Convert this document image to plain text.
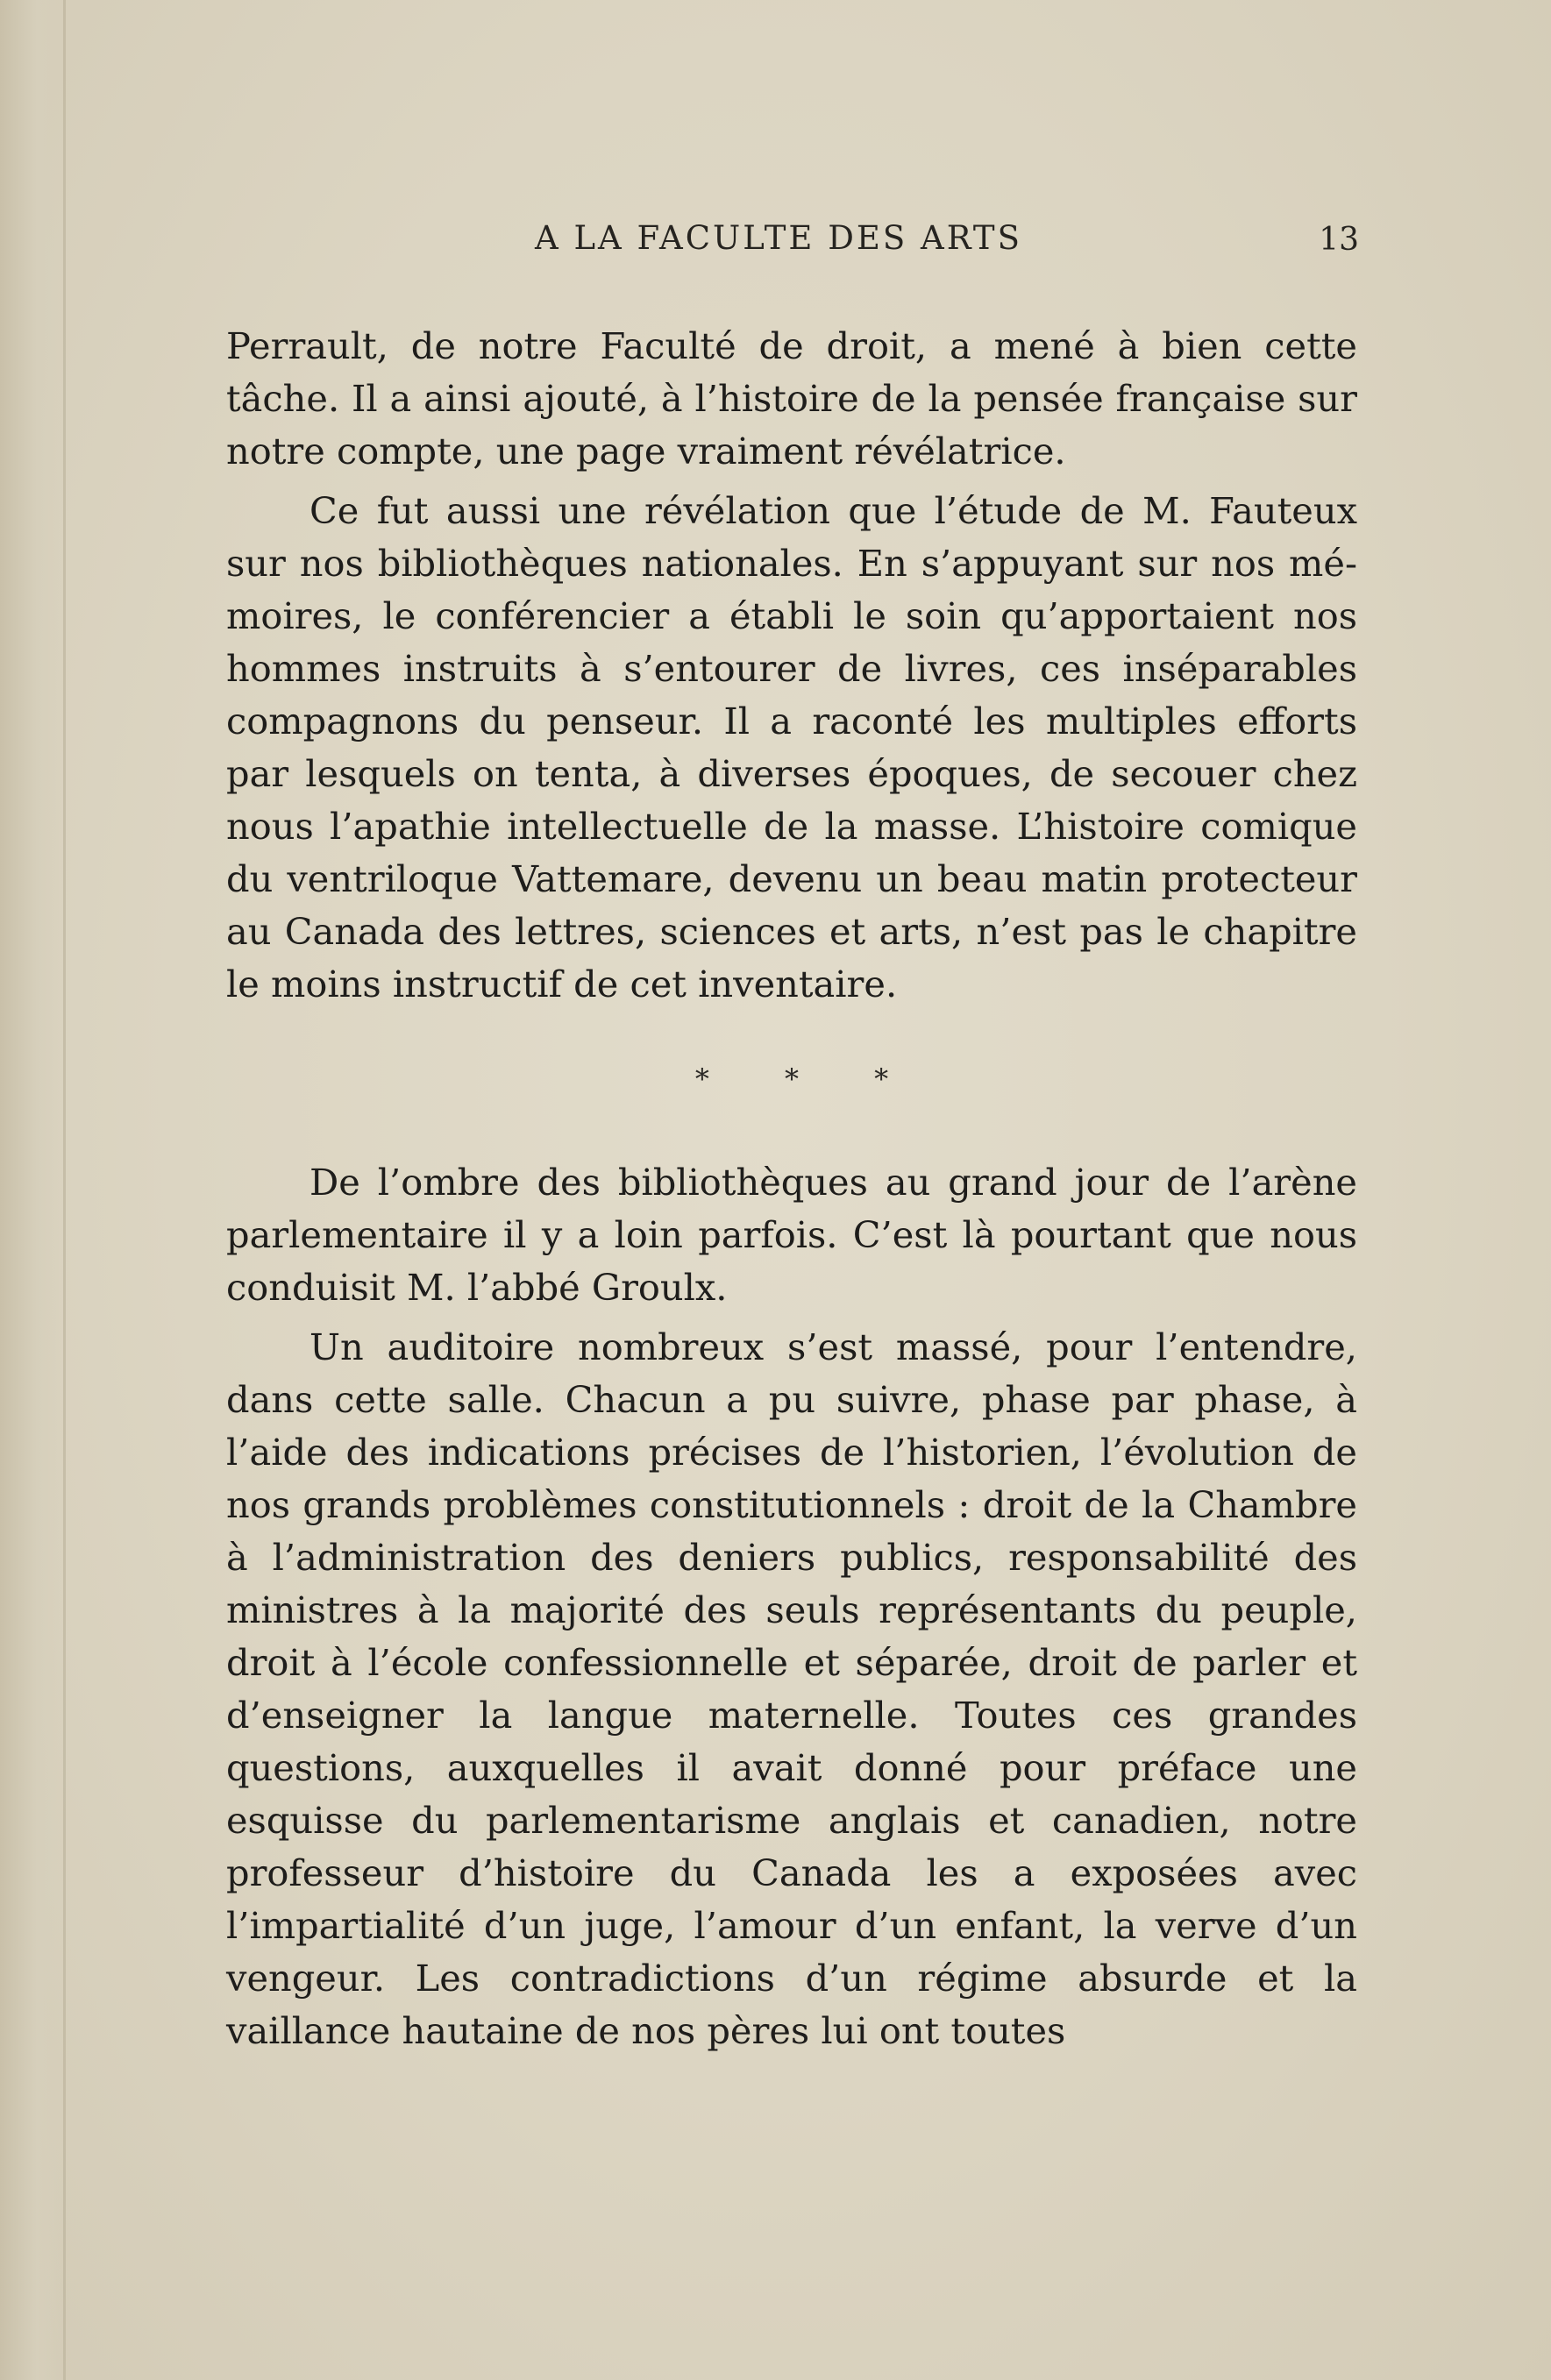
A LA FACULTE DES ARTS	13

Perrault, de notre Faculté de droit, a mené à bien cette tâche. Il a ainsi ajouté, à l’histoire de la pensée française sur notre compte, une page vraiment révélatrice.

Ce fut aussi une révélation que l’étude de M. Fauteux sur nos bibliothèques nationales. En s’appuyant sur nos mémoires, le conférencier a établi le soin qu’apportaient nos hommes instruits à s’entourer de livres, ces inséparables compagnons du penseur. Il a raconté les multiples efforts par lesquels on tenta, à diverses époques, de secouer chez nous l’apathie intellectuelle de la masse. L’histoire comique du ventriloque Vattemare, devenu un beau matin protecteur au Canada des lettres, sciences et arts, n’est pas le chapitre le moins instructif de cet inventaire.

* * *

De l’ombre des bibliothèques au grand jour de l’arène parlementaire il y a loin parfois. C’est là pourtant que nous conduisit M. l’abbé Groulx.

Un auditoire nombreux s’est massé, pour l’entendre, dans cette salle. Chacun a pu suivre, phase par phase, à l’aide des indications précises de l’historien, l’évolution de nos grands problèmes constitutionnels : droit de la Chambre à l’administration des deniers publics, responsabilité des ministres à la majorité des seuls représentants du peuple, droit à l’école confessionnelle et séparée, droit de parler et d’enseigner la langue maternelle. Toutes ces grandes questions, auxquelles il avait donné pour préface une esquisse du parlementarisme anglais et canadien, notre professeur d’histoire du Canada les a exposées avec l’impartialité d’un juge, l’amour d’un enfant, la verve d’un vengeur. Les contradictions d’un régime absurde et la vaillance hautaine de nos pères lui ont toutes
